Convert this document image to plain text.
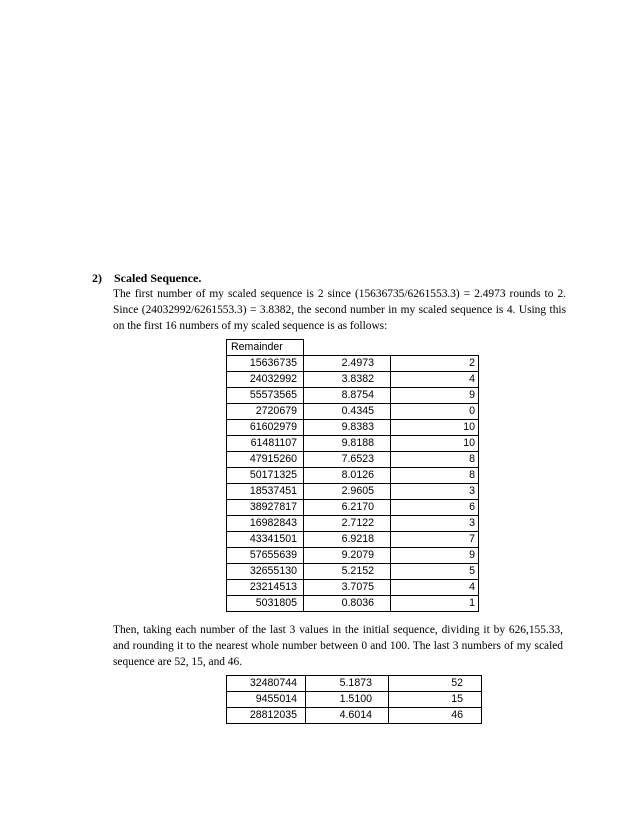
2) Scaled Sequence.

The first number of my scaled sequence is 2 since (15636735/6261553.3) = 2.4973 rounds to 2. Since (24032992/6261553.3) = 3.8382, the second number in my scaled sequence is 4. Using this on the first 16 numbers of my scaled sequence is as follows:

Remainder		
15636735	2.4973	2
24032992	3.8382	4
55573565	8.8754	9
2720679	0.4345	0
61602979	9.8383	10
61481107	9.8188	10
47915260	7.6523	8
50171325	8.0126	8
18537451	2.9605	3
38927817	6.2170	6
16982843	2.7122	3
43341501	6.9218	7
57655639	9.2079	9
32655130	5.2152	5
23214513	3.7075	4
5031805	0.8036	1

Then, taking each number of the last 3 values in the initial sequence, dividing it by 626,155.33, and rounding it to the nearest whole number between 0 and 100. The last 3 numbers of my scaled sequence are 52, 15, and 46.

32480744	5.1873	52
9455014	1.5100	15
28812035	4.6014	46
